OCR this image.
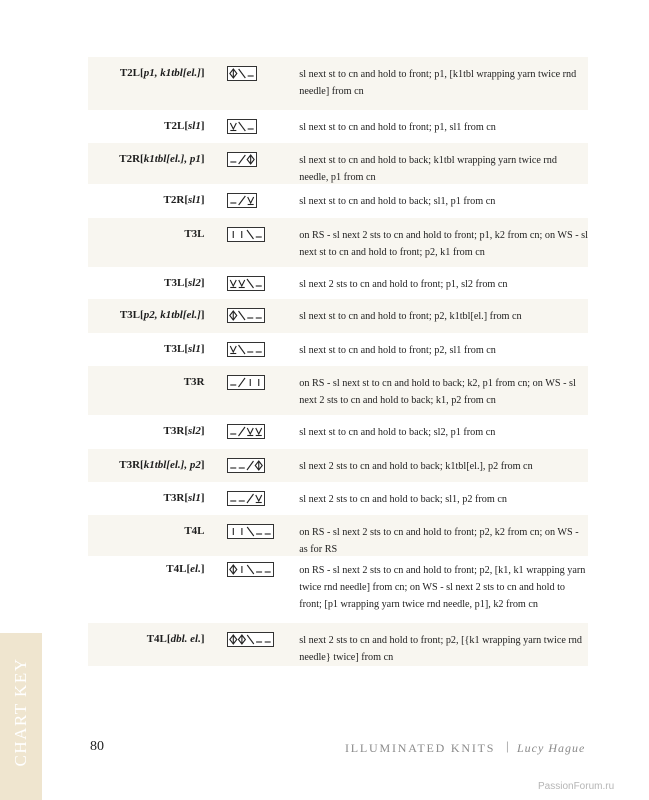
T2L[p1, k1tbl[el.]]	sl next st to cn and hold to front; p1, [k1tbl wrapping yarn twice rnd needle] from cn
T2L[sl1]	sl next st to cn and hold to front; p1, sl1 from cn
T2R[k1tbl[el.], p1]	sl next st to cn and hold to back; k1tbl wrapping yarn twice rnd needle, p1 from cn
T2R[sl1]	sl next st to cn and hold to back; sl1, p1 from cn
T3L	on RS - sl next 2 sts to cn and hold to front; p1, k2 from cn; on WS - sl next st to cn and hold to front; p2, k1 from cn
T3L[sl2]	sl next 2 sts to cn and hold to front; p1, sl2 from cn
T3L[p2, k1tbl[el.]]	sl next st to cn and hold to front; p2, k1tbl[el.] from cn
T3L[sl1]	sl next st to cn and hold to front; p2, sl1 from cn
T3R	on RS - sl next st to cn and hold to back; k2, p1 from cn; on WS - sl next 2 sts to cn and hold to back; k1, p2 from cn
T3R[sl2]	sl next st to cn and hold to back; sl2, p1 from cn
T3R[k1tbl[el.], p2]	sl next 2 sts to cn and hold to back; k1tbl[el.], p2 from cn
T3R[sl1]	sl next 2 sts to cn and hold to back; sl1, p2 from cn
T4L	on RS - sl next 2 sts to cn and hold to front; p2, k2 from cn; on WS - as for RS
T4L[el.]	on RS - sl next 2 sts to cn and hold to front; p2, [k1, k1 wrapping yarn twice rnd needle] from cn; on WS - sl next 2 sts to cn and hold to front; [p1 wrapping yarn twice rnd needle, p1], k2 from cn
T4L[dbl. el.]	sl next 2 sts to cn and hold to front; p2, [{k1 wrapping yarn twice rnd needle} twice] from cn
CHART KEY	80	ILLUMINATED KNITS | Lucy Hague
PassionForum.ru
